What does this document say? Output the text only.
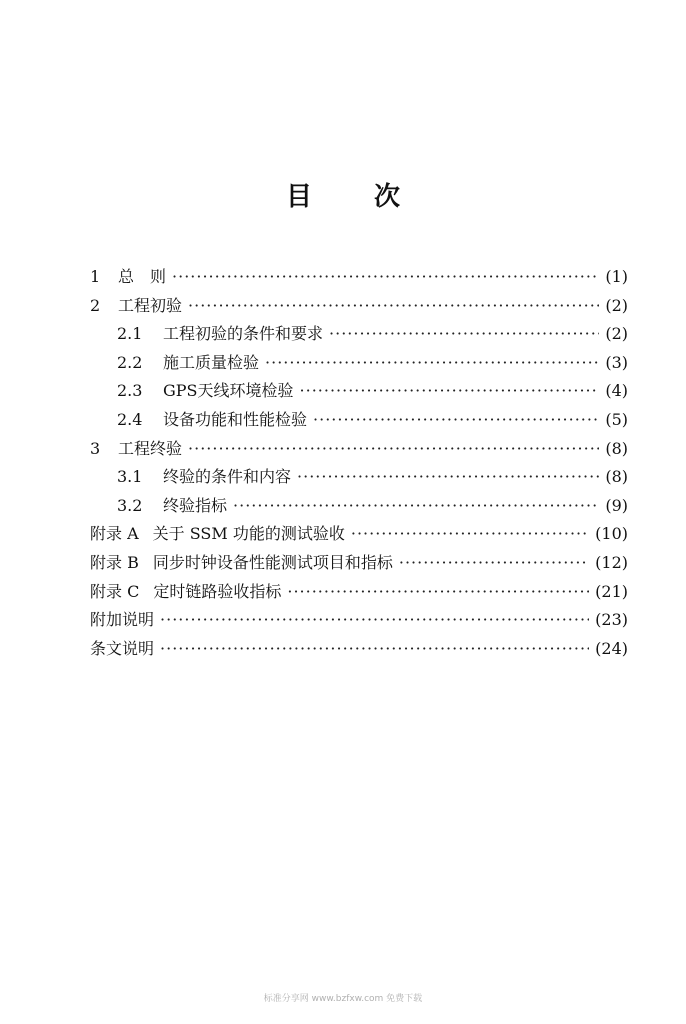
目 次
1	总　则 ·····	(1)
2	工程初验 ·····	(2)
2.1	工程初验的条件和要求 ·····	(2)
2.2	施工质量检验 ·····	(3)
2.3	GPS天线环境检验 ·····	(4)
2.4	设备功能和性能检验 ·····	(5)
3	工程终验 ·····	(8)
3.1	终验的条件和内容 ·····	(8)
3.2	终验指标 ·····	(9)
附录 A 关于 SSM 功能的测试验收 ·····	(10)
附录 B 同步时钟设备性能测试项目和指标 ·····	(12)
附录 C 定时链路验收指标 ·····	(21)
附加说明 ·····	(23)
条文说明 ·····	(24)
标准分享网 www.bzfxw.com 免费下载
